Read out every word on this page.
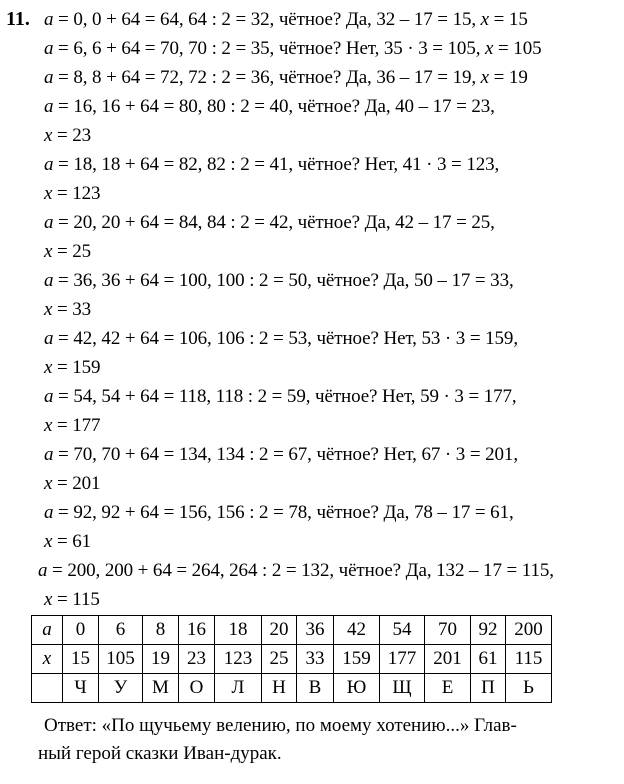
11. a = 0, 0 + 64 = 64, 64 : 2 = 32, чётное? Да, 32 – 17 = 15, x = 15
a = 6, 6 + 64 = 70, 70 : 2 = 35, чётное? Нет, 35 · 3 = 105, x = 105
a = 8, 8 + 64 = 72, 72 : 2 = 36, чётное? Да, 36 – 17 = 19, x = 19
a = 16, 16 + 64 = 80, 80 : 2 = 40, чётное? Да, 40 – 17 = 23,
x = 23
a = 18, 18 + 64 = 82, 82 : 2 = 41, чётное? Нет, 41 · 3 = 123,
x = 123
a = 20, 20 + 64 = 84, 84 : 2 = 42, чётное? Да, 42 – 17 = 25,
x = 25
a = 36, 36 + 64 = 100, 100 : 2 = 50, чётное? Да, 50 – 17 = 33,
x = 33
a = 42, 42 + 64 = 106, 106 : 2 = 53, чётное? Нет, 53 · 3 = 159,
x = 159
a = 54, 54 + 64 = 118, 118 : 2 = 59, чётное? Нет, 59 · 3 = 177,
x = 177
a = 70, 70 + 64 = 134, 134 : 2 = 67, чётное? Нет, 67 · 3 = 201,
x = 201
a = 92, 92 + 64 = 156, 156 : 2 = 78, чётное? Да, 78 – 17 = 61,
x = 61
a = 200, 200 + 64 = 264, 264 : 2 = 132, чётное? Да, 132 – 17 = 115,
x = 115
a	0	6	8	16	18	20	36	42	54	70	92	200
x	15	105	19	23	123	25	33	159	177	201	61	115
	Ч	У	М	О	Л	Н	В	Ю	Щ	Е	П	Ь
Ответ: «По щучьему велению, по моему хотению...» Глав-
ный герой сказки Иван-дурак.
